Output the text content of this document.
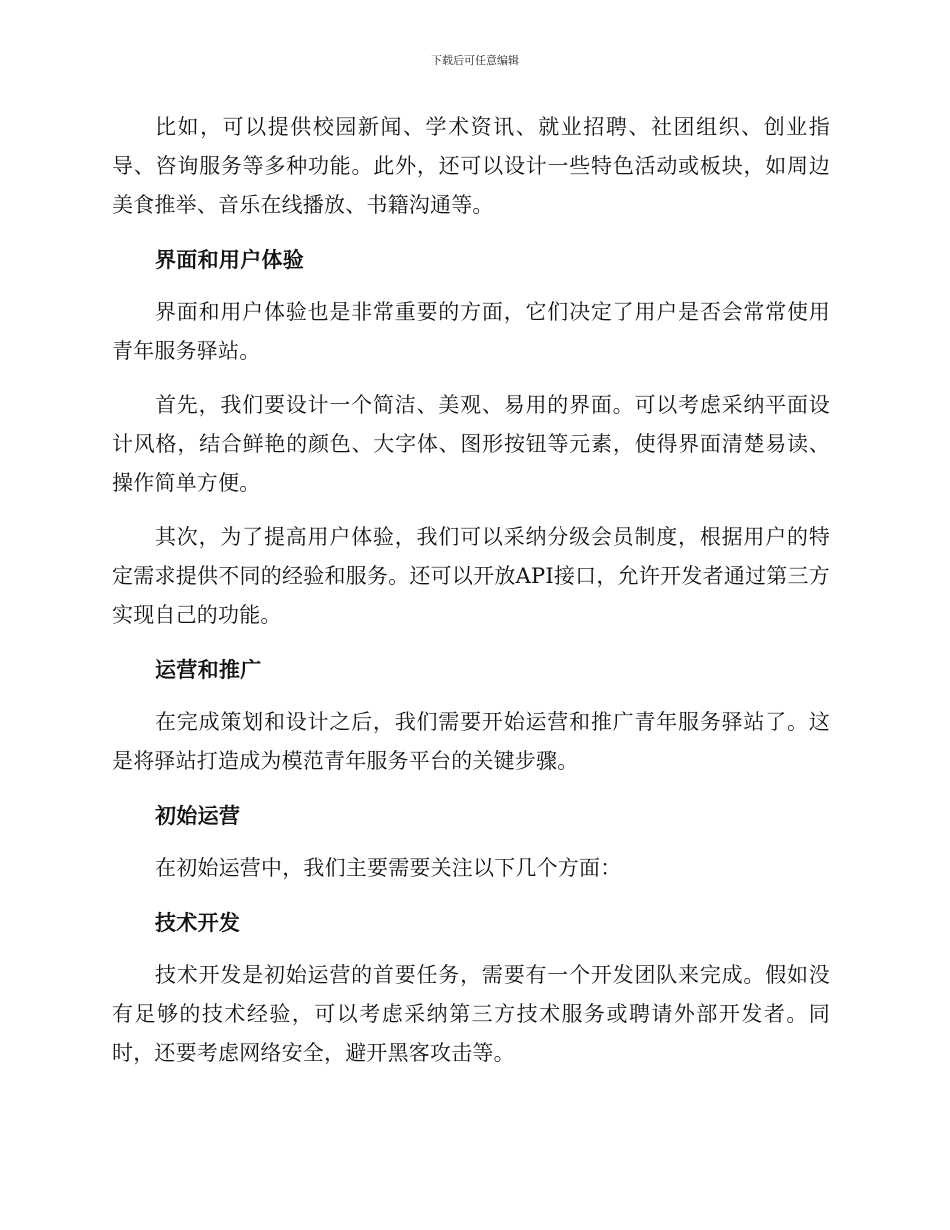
下载后可任意编辑

比如，可以提供校园新闻、学术资讯、就业招聘、社团组织、创业指导、咨询服务等多种功能。此外，还可以设计一些特色活动或板块，如周边美食推举、音乐在线播放、书籍沟通等。

界面和用户体验

界面和用户体验也是非常重要的方面，它们决定了用户是否会常常使用青年服务驿站。

首先，我们要设计一个简洁、美观、易用的界面。可以考虑采纳平面设计风格，结合鲜艳的颜色、大字体、图形按钮等元素，使得界面清楚易读、操作简单方便。

其次，为了提高用户体验，我们可以采纳分级会员制度，根据用户的特定需求提供不同的经验和服务。还可以开放API接口，允许开发者通过第三方实现自己的功能。

运营和推广

在完成策划和设计之后，我们需要开始运营和推广青年服务驿站了。这是将驿站打造成为模范青年服务平台的关键步骤。

初始运营

在初始运营中，我们主要需要关注以下几个方面：

技术开发

技术开发是初始运营的首要任务，需要有一个开发团队来完成。假如没有足够的技术经验，可以考虑采纳第三方技术服务或聘请外部开发者。同时，还要考虑网络安全，避开黑客攻击等。
